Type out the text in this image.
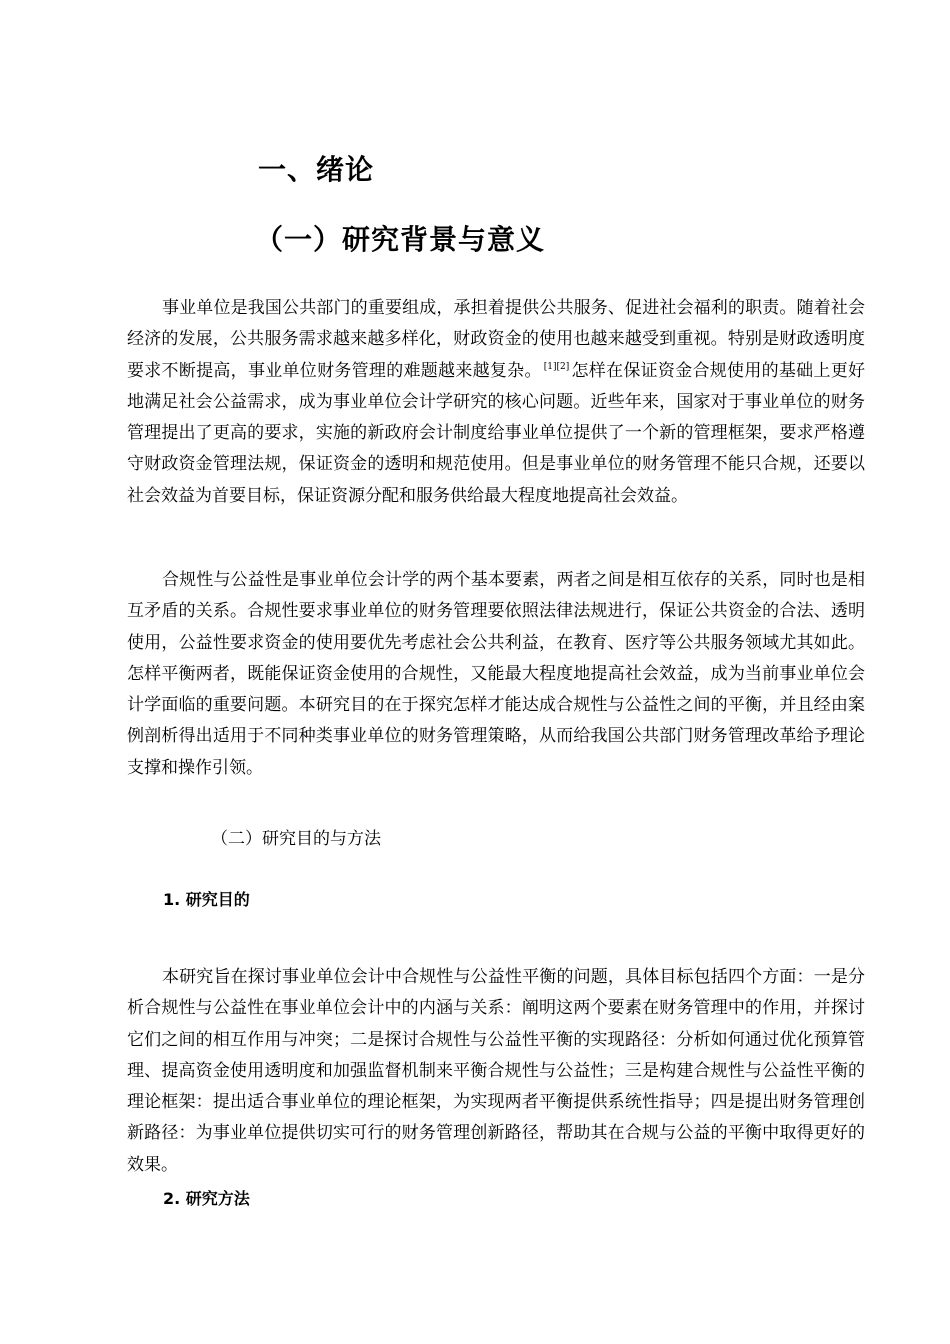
一、绪论
（一）研究背景与意义

事业单位是我国公共部门的重要组成，承担着提供公共服务、促进社会福利的职责。随着社会经济的发展，公共服务需求越来越多样化，财政资金的使用也越来越受到重视。特别是财政透明度要求不断提高，事业单位财务管理的难题越来越复杂。 [1][2] 怎样在保证资金合规使用的基础上更好地满足社会公益需求，成为事业单位会计学研究的核心问题。近些年来，国家对于事业单位的财务管理提出了更高的要求，实施的新政府会计制度给事业单位提供了一个新的管理框架，要求严格遵守财政资金管理法规，保证资金的透明和规范使用。但是事业单位的财务管理不能只合规，还要以社会效益为首要目标，保证资源分配和服务供给最大程度地提高社会效益。

合规性与公益性是事业单位会计学的两个基本要素，两者之间是相互依存的关系，同时也是相互矛盾的关系。合规性要求事业单位的财务管理要依照法律法规进行，保证公共资金的合法、透明使用，公益性要求资金的使用要优先考虑社会公共利益，在教育、医疗等公共服务领域尤其如此。怎样平衡两者，既能保证资金使用的合规性，又能最大程度地提高社会效益，成为当前事业单位会计学面临的重要问题。本研究目的在于探究怎样才能达成合规性与公益性之间的平衡，并且经由案例剖析得出适用于不同种类事业单位的财务管理策略，从而给我国公共部门财务管理改革给予理论支撑和操作引领。

（二）研究目的与方法
1. 研究目的

本研究旨在探讨事业单位会计中合规性与公益性平衡的问题，具体目标包括四个方面：一是分析合规性与公益性在事业单位会计中的内涵与关系：阐明这两个要素在财务管理中的作用，并探讨它们之间的相互作用与冲突；二是探讨合规性与公益性平衡的实现路径：分析如何通过优化预算管理、提高资金使用透明度和加强监督机制来平衡合规性与公益性；三是构建合规性与公益性平衡的理论框架：提出适合事业单位的理论框架，为实现两者平衡提供系统性指导；四是提出财务管理创新路径：为事业单位提供切实可行的财务管理创新路径，帮助其在合规与公益的平衡中取得更好的效果。

2. 研究方法
